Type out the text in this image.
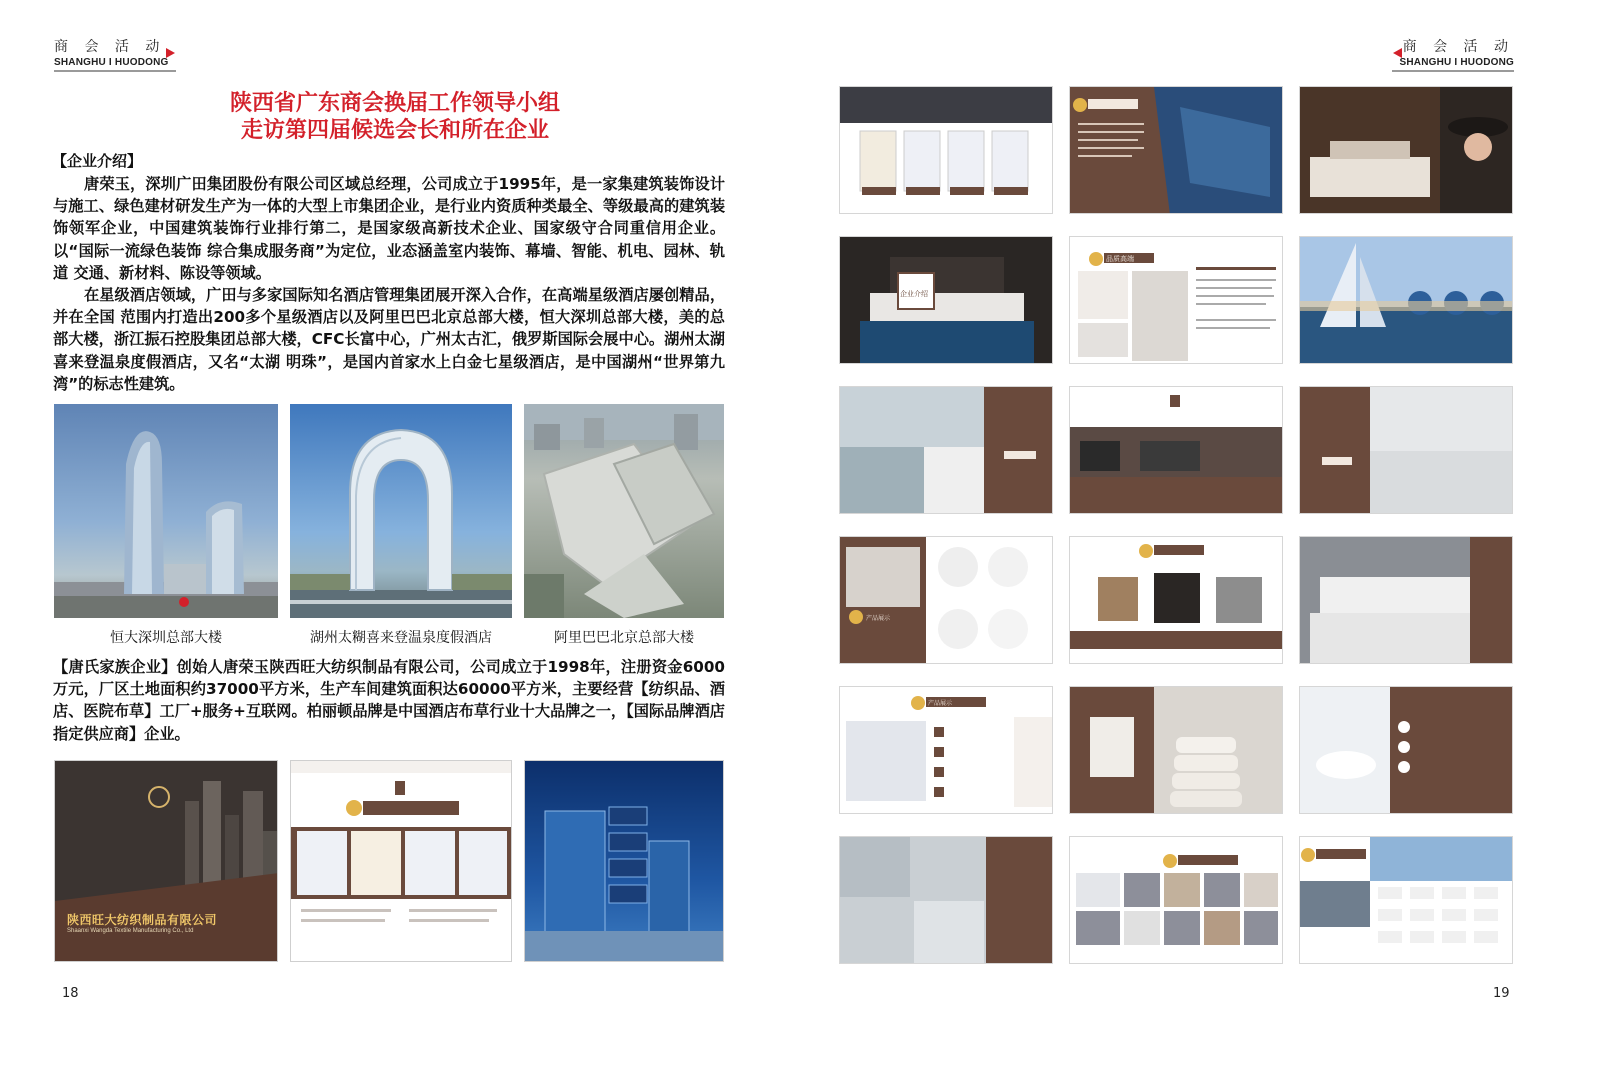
商 会 活 动
SHANGHU I HUODONG
陕西省广东商会换届工作领导小组
走访第四届候选会长和所在企业
【企业介绍】
唐荣玉，深圳广田集团股份有限公司区域总经理，公司成立于1995年，是一家集建筑装饰设计与施工、绿色建材研发生产为一体的大型上市集团企业，是行业内资质种类最全、等级最高的建筑装饰领军企业，中国建筑装饰行业排行第二，是国家级高新技术企业、国家级守合同重信用企业。以“国际一流绿色装饰 综合集成服务商”为定位，业态涵盖室内装饰、幕墙、智能、机电、园林、轨道 交通、新材料、陈设等领域。
在星级酒店领域，广田与多家国际知名酒店管理集团展开深入合作，在高端星级酒店屡创精品，并在全国 范围内打造出200多个星级酒店以及阿里巴巴北京总部大楼，恒大深圳总部大楼，美的总部大楼，浙江振石控股集团总部大楼，CFC长富中心，广州太古汇，俄罗斯国际会展中心。湖州太湖喜来登温泉度假酒店，又名“太湖 明珠”，是国内首家水上白金七星级酒店，是中国湖州“世界第九 湾”的标志性建筑。
恒大深圳总部大楼	湖州太糊喜来登温泉度假酒店	阿里巴巴北京总部大楼
【唐氏家族企业】创始人唐荣玉陕西旺大纺织制品有限公司，公司成立于1998年，注册资金6000万元，厂区土地面积约37000平方米，生产车间建筑面积达60000平方米，主要经营【纺织品、酒店、医院布草】工厂+服务+互联网。柏丽顿品牌是中国酒店布草行业十大品牌之一，【国际品牌酒店指定供应商】企业。
陕西旺大纺织制品有限公司
Shaanxi Wangda Textile Manufacturing Co., Ltd
18
商 会 活 动
SHANGHU I HUODONG
企业介绍
品质高端
产品展示
产品展示
19
